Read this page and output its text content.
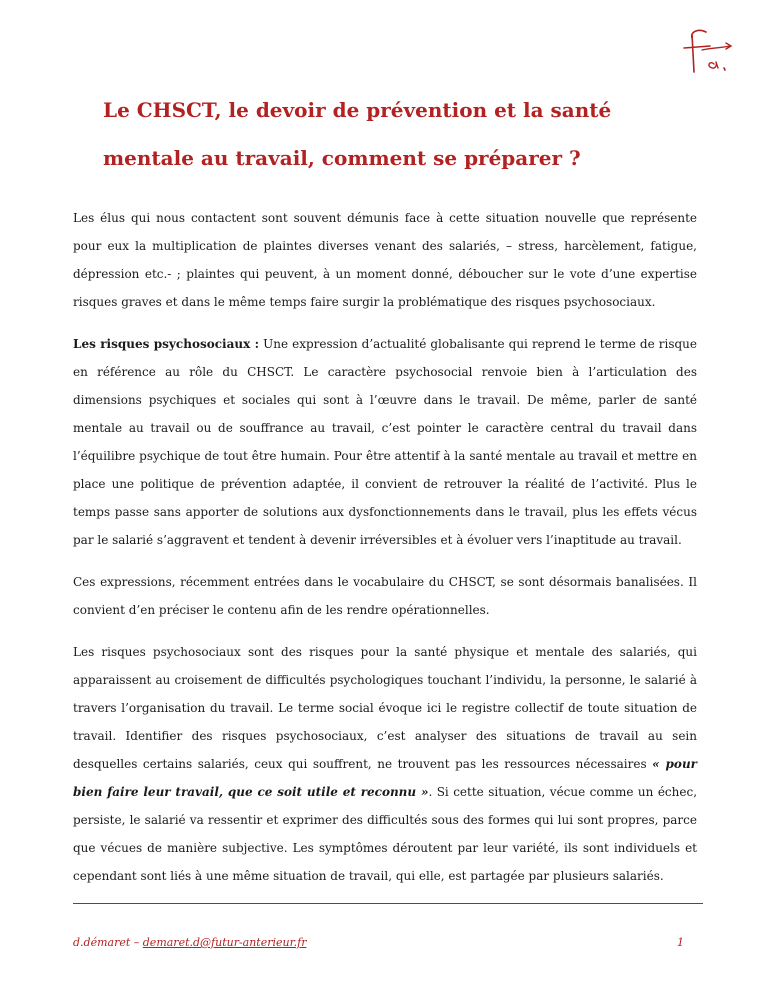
Le CHSCT, le devoir de prévention et la santé
mentale au travail, comment se préparer ?

Les élus qui nous contactent sont souvent démunis face à cette situation nouvelle que représente pour eux la multiplication de plaintes diverses venant des salariés, – stress, harcèlement, fatigue, dépression etc.- ; plaintes qui peuvent, à un moment donné, déboucher sur le vote d’une expertise risques graves et dans le même temps faire surgir la problématique des risques psychosociaux.

Les risques psychosociaux : Une expression d’actualité globalisante qui reprend le terme de risque en référence au rôle du CHSCT. Le caractère psychosocial renvoie bien à l’articulation des dimensions psychiques et sociales qui sont à l’œuvre dans le travail. De même, parler de santé mentale au travail ou de souffrance au travail, c’est pointer le caractère central du travail dans l’équilibre psychique de tout être humain. Pour être attentif à la santé mentale au travail et mettre en place une politique de prévention adaptée, il convient de retrouver la réalité de l’activité. Plus le temps passe sans apporter de solutions aux dysfonctionnements dans le travail, plus les effets vécus par le salarié s’aggravent et tendent à devenir irréversibles et à évoluer vers l’inaptitude au travail.

Ces expressions, récemment entrées dans le vocabulaire du CHSCT, se sont désormais banalisées. Il convient d’en préciser le contenu afin de les rendre opérationnelles.

Les risques psychosociaux sont des risques pour la santé physique et mentale des salariés, qui apparaissent au croisement de difficultés psychologiques touchant l’individu, la personne, le salarié à travers l’organisation du travail. Le terme social évoque ici le registre collectif de toute situation de travail. Identifier des risques psychosociaux, c’est analyser des situations de travail au sein desquelles certains salariés, ceux qui souffrent, ne trouvent pas les ressources nécessaires « pour bien faire leur travail, que ce soit utile et reconnu ». Si cette situation, vécue comme un échec, persiste, le salarié va ressentir et exprimer des difficultés sous des formes qui lui sont propres, parce que vécues de manière subjective. Les symptômes déroutent par leur variété, ils sont individuels et cependant sont liés à une même situation de travail, qui elle, est partagée par plusieurs salariés.

d.démaret – demaret.d@futur-anterieur.fr	1
